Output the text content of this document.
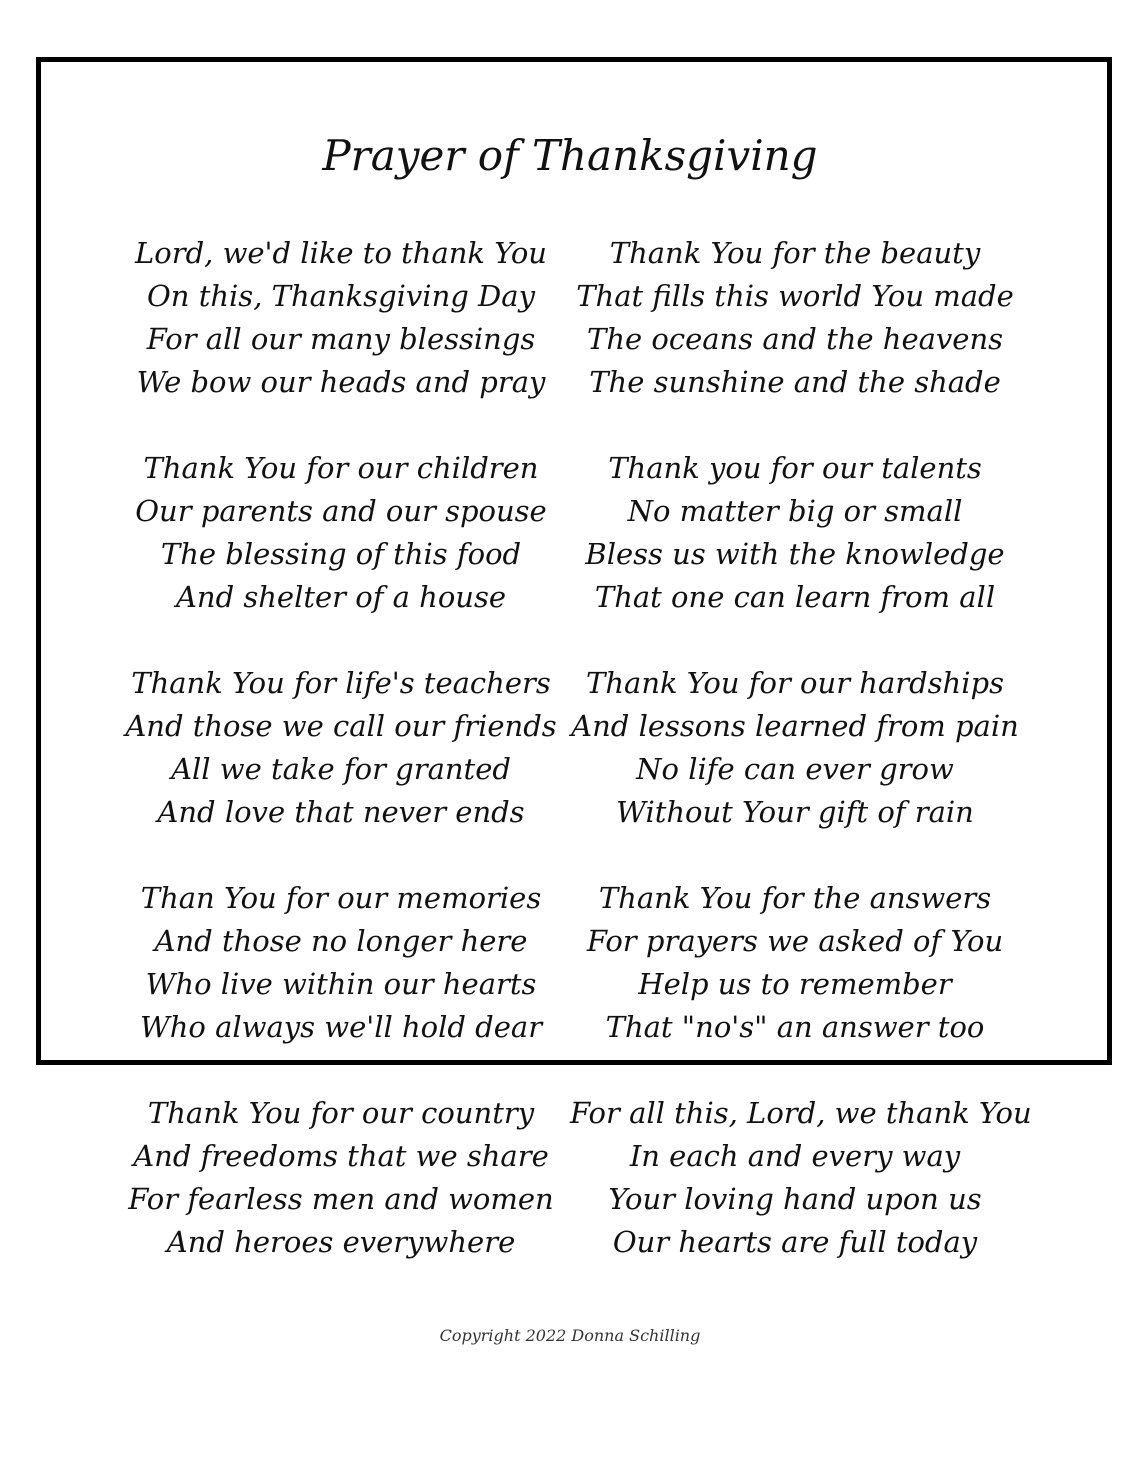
Prayer of Thanksgiving
Lord, we'd like to thank You
On this, Thanksgiving Day
For all our many blessings
We bow our heads and pray
Thank You for our children
Our parents and our spouse
The blessing of this food
And shelter of a house
Thank You for life's teachers
And those we call our friends
All we take for granted
And love that never ends
Than You for our memories
And those no longer here
Who live within our hearts
Who always we'll hold dear
Thank You for our country
And freedoms that we share
For fearless men and women
And heroes everywhere
Thank You for the beauty
That fills this world You made
The oceans and the heavens
The sunshine and the shade
Thank you for our talents
No matter big or small
Bless us with the knowledge
That one can learn from all
Thank You for our hardships
And lessons learned from pain
No life can ever grow
Without Your gift of rain
Thank You for the answers
For prayers we asked of You
Help us to remember
That "no's" an answer too
For all this, Lord, we thank You
In each and every way
Your loving hand upon us
Our hearts are full today
Copyright 2022 Donna Schilling
